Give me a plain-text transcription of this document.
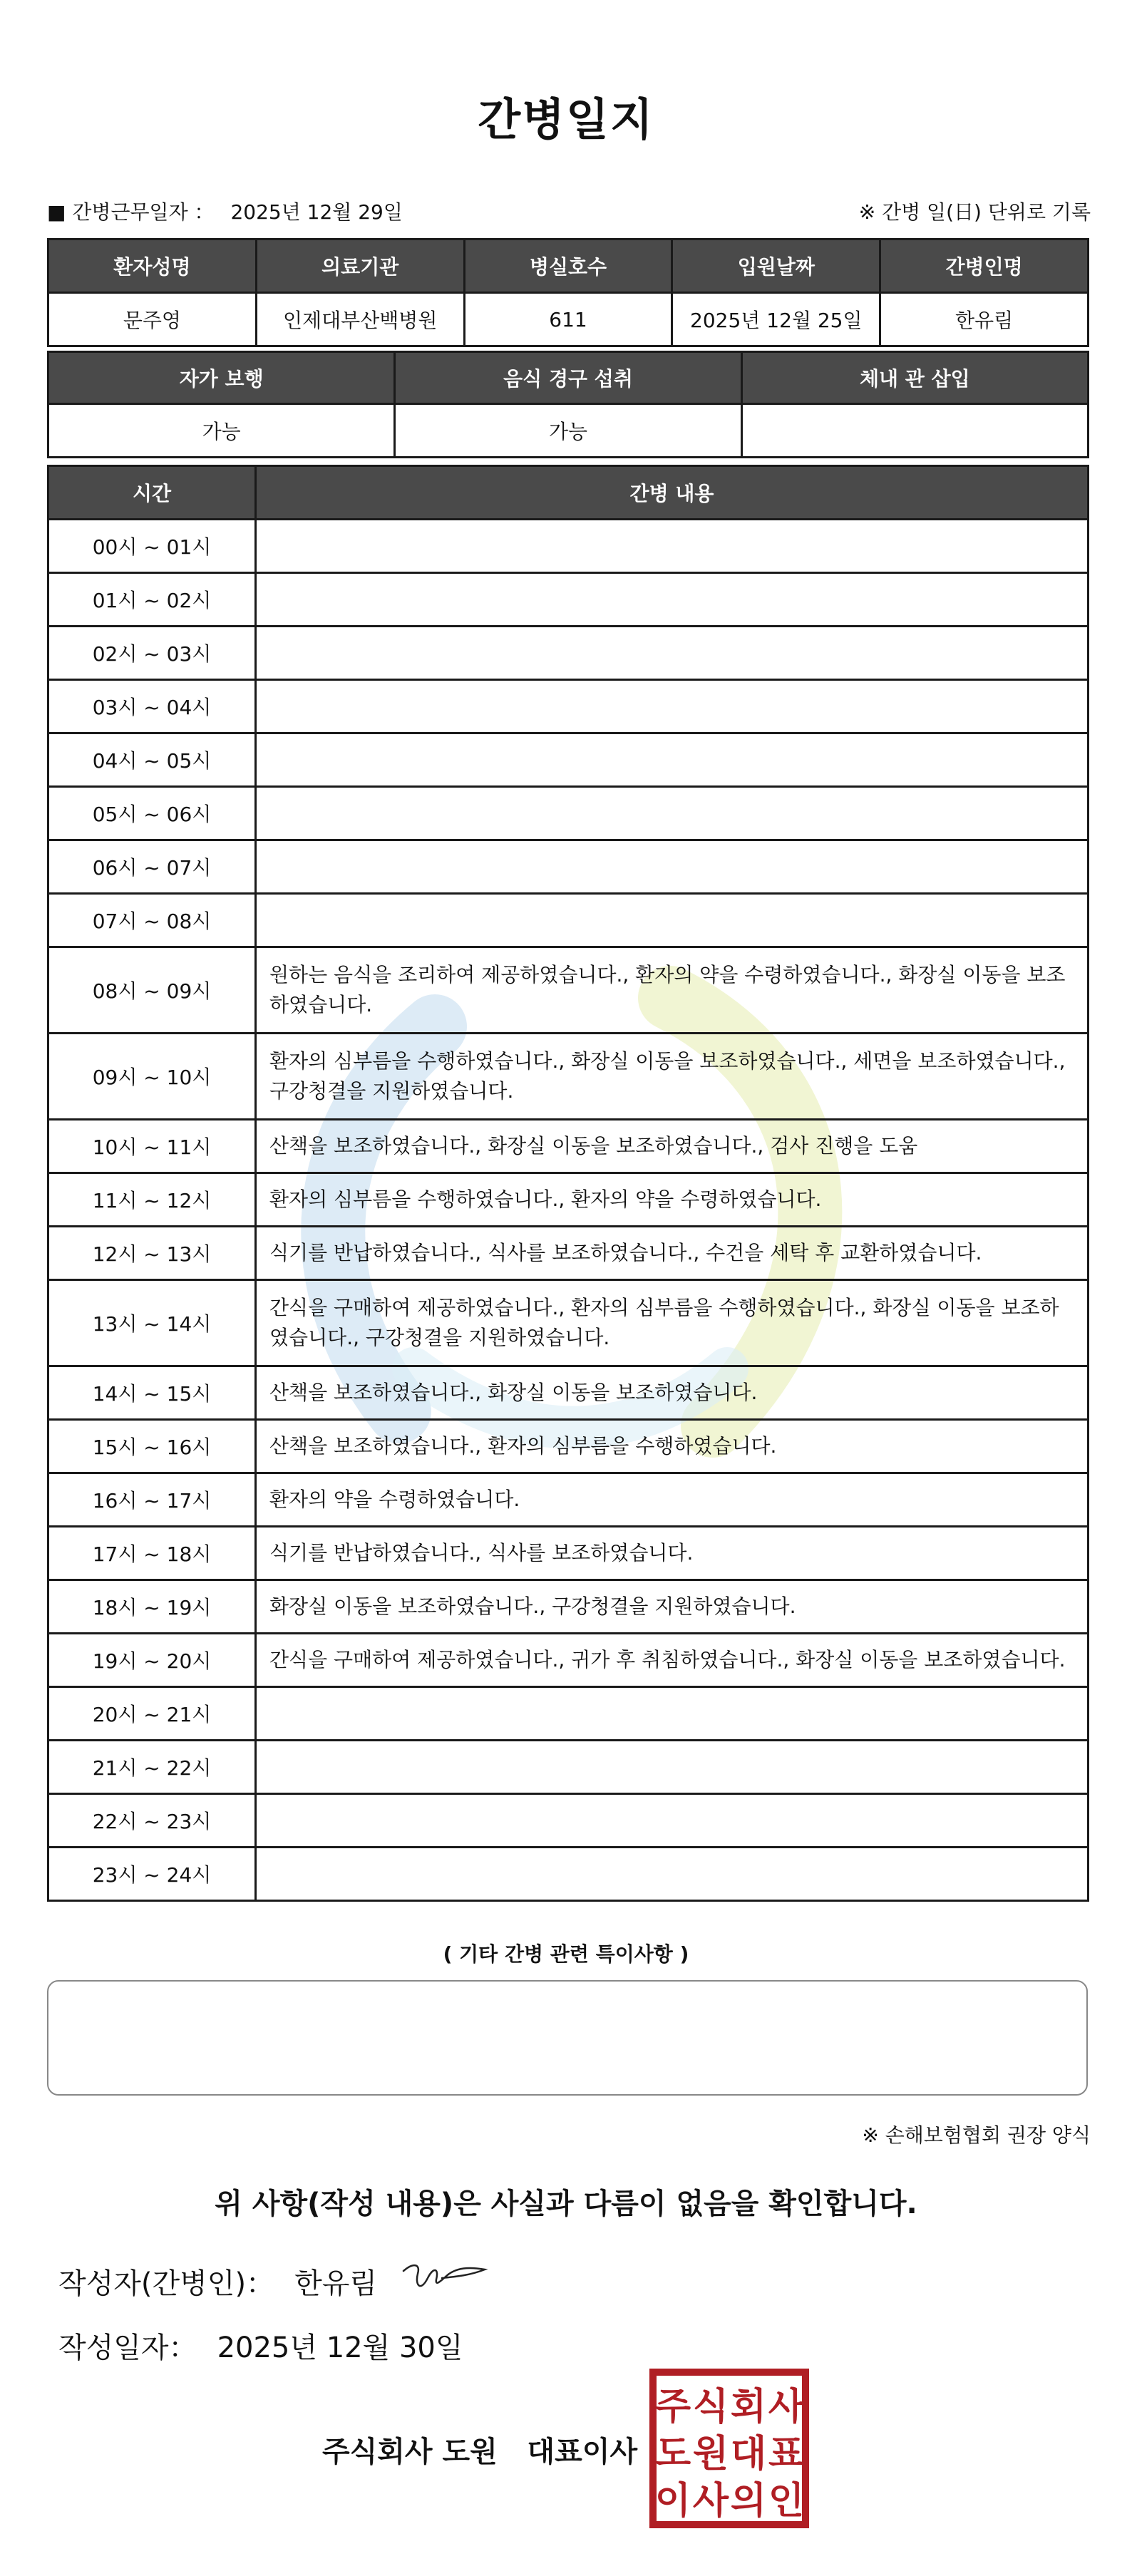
간병일지
■ 간병근무일자 ： 2025년 12월 29일	※ 간병 일(日) 단위로 기록
환자성명	의료기관	병실호수	입원날짜	간병인명
문주영	인제대부산백병원	611	2025년 12월 25일	한유림
자가 보행	음식 경구 섭취	체내 관 삽입
가능	가능	
시간	간병 내용
00시 ~ 01시	
01시 ~ 02시	
02시 ~ 03시	
03시 ~ 04시	
04시 ~ 05시	
05시 ~ 06시	
06시 ~ 07시	
07시 ~ 08시	
08시 ~ 09시	원하는 음식을 조리하여 제공하였습니다., 환자의 약을 수령하였습니다., 화장실 이동을 보조하였습니다.
09시 ~ 10시	환자의 심부름을 수행하였습니다., 화장실 이동을 보조하였습니다., 세면을 보조하였습니다., 구강청결을 지원하였습니다.
10시 ~ 11시	산책을 보조하였습니다., 화장실 이동을 보조하였습니다., 검사 진행을 도움
11시 ~ 12시	환자의 심부름을 수행하였습니다., 환자의 약을 수령하였습니다.
12시 ~ 13시	식기를 반납하였습니다., 식사를 보조하였습니다., 수건을 세탁 후 교환하였습니다.
13시 ~ 14시	간식을 구매하여 제공하였습니다., 환자의 심부름을 수행하였습니다., 화장실 이동을 보조하였습니다., 구강청결을 지원하였습니다.
14시 ~ 15시	산책을 보조하였습니다., 화장실 이동을 보조하였습니다.
15시 ~ 16시	산책을 보조하였습니다., 환자의 심부름을 수행하였습니다.
16시 ~ 17시	환자의 약을 수령하였습니다.
17시 ~ 18시	식기를 반납하였습니다., 식사를 보조하였습니다.
18시 ~ 19시	화장실 이동을 보조하였습니다., 구강청결을 지원하였습니다.
19시 ~ 20시	간식을 구매하여 제공하였습니다., 귀가 후 취침하였습니다., 화장실 이동을 보조하였습니다.
20시 ~ 21시	
21시 ~ 22시	
22시 ~ 23시	
23시 ~ 24시	
( 기타 간병 관련 특이사항 )
※ 손해보험협회 권장 양식
위 사항(작성 내용)은 사실과 다름이 없음을 확인합니다.
작성자(간병인)： 한유림
작성일자： 2025년 12월 30일
주식회사 도원   대표이사
주 식 회 사
도 원 대 표
이 사 의 인
